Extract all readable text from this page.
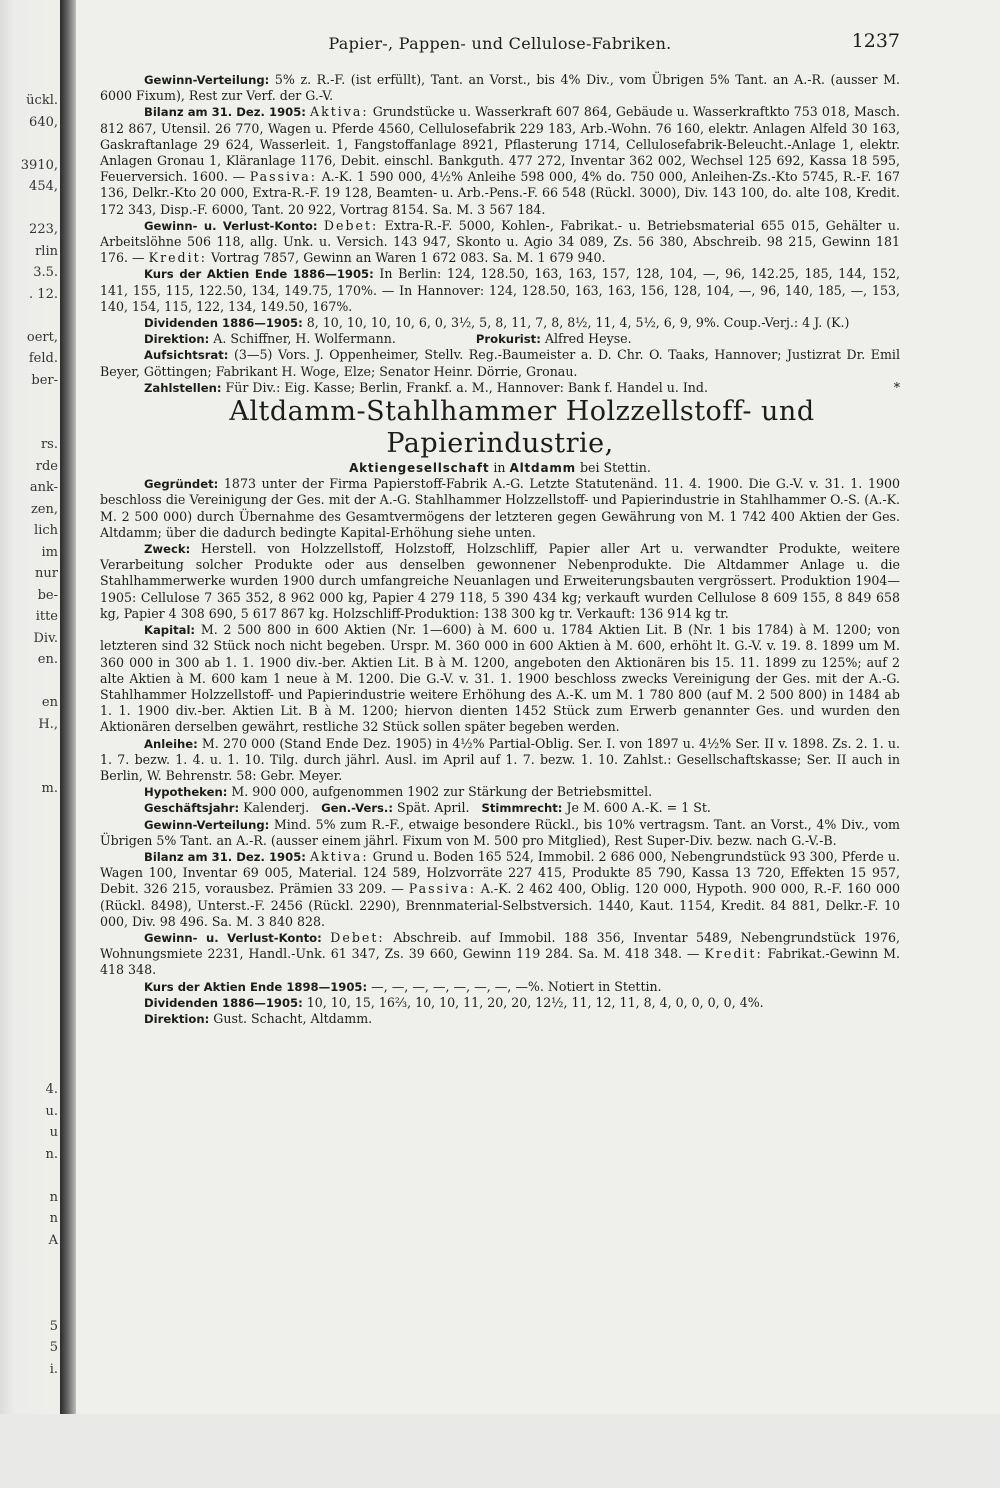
ückl.
640,
3910,
454,
223,
rlin
3.5.
. 12.
oert,
feld.
ber-
rs.
rde
ank-
zen,
lich
im
nur
be-
itte
Div.
en.
en
H.,
m.
4.
u.
u
n.
n
n
A
5
5
i.
Papier-, Pappen- und Cellulose-Fabriken.	1237

Gewinn-Verteilung: 5% z. R.-F. (ist erfüllt), Tant. an Vorst., bis 4% Div., vom Übrigen 5% Tant. an A.-R. (ausser M. 6000 Fixum), Rest zur Verf. der G.-V.

Bilanz am 31. Dez. 1905: Aktiva: Grundstücke u. Wasserkraft 607 864, Gebäude u. Wasserkraftkto 753 018, Masch. 812 867, Utensil. 26 770, Wagen u. Pferde 4560, Cellulosefabrik 229 183, Arb.-Wohn. 76 160, elektr. Anlagen Alfeld 30 163, Gaskraftanlage 29 624, Wasserleit. 1, Fangstoffanlage 8921, Pflasterung 1714, Cellulosefabrik-Beleucht.-Anlage 1, elektr. Anlagen Gronau 1, Kläranlage 1176, Debit. einschl. Bankguth. 477 272, Inventar 362 002, Wechsel 125 692, Kassa 18 595, Feuerversich. 1600. — Passiva: A.-K. 1 590 000, 4½% Anleihe 598 000, 4% do. 750 000, Anleihen-Zs.-Kto 5745, R.-F. 167 136, Delkr.-Kto 20 000, Extra-R.-F. 19 128, Beamten- u. Arb.-Pens.-F. 66 548 (Rückl. 3000), Div. 143 100, do. alte 108, Kredit. 172 343, Disp.-F. 6000, Tant. 20 922, Vortrag 8154. Sa. M. 3 567 184.

Gewinn- u. Verlust-Konto: Debet: Extra-R.-F. 5000, Kohlen-, Fabrikat.- u. Betriebsmaterial 655 015, Gehälter u. Arbeitslöhne 506 118, allg. Unk. u. Versich. 143 947, Skonto u. Agio 34 089, Zs. 56 380, Abschreib. 98 215, Gewinn 181 176. — Kredit: Vortrag 7857, Gewinn an Waren 1 672 083. Sa. M. 1 679 940.

Kurs der Aktien Ende 1886—1905: In Berlin: 124, 128.50, 163, 163, 157, 128, 104, —, 96, 142.25, 185, 144, 152, 141, 155, 115, 122.50, 134, 149.75, 170%. — In Hannover: 124, 128.50, 163, 163, 156, 128, 104, —, 96, 140, 185, —, 153, 140, 154, 115, 122, 134, 149.50, 167%.

Dividenden 1886—1905: 8, 10, 10, 10, 10, 6, 0, 3½, 5, 8, 11, 7, 8, 8½, 11, 4, 5½, 6, 9, 9%. Coup.-Verj.: 4 J. (K.)

Direktion: A. Schiffner, H. Wolfermann.	Prokurist: Alfred Heyse.

Aufsichtsrat: (3—5) Vors. J. Oppenheimer, Stellv. Reg.-Baumeister a. D. Chr. O. Taaks, Hannover; Justizrat Dr. Emil Beyer, Göttingen; Fabrikant H. Woge, Elze; Senator Heinr. Dörrie, Gronau.

Zahlstellen: Für Div.: Eig. Kasse; Berlin, Frankf. a. M., Hannover: Bank f. Handel u. Ind.	*

Altdamm-Stahlhammer Holzzellstoff- und Papierindustrie,

Aktiengesellschaft in Altdamm bei Stettin.

Gegründet: 1873 unter der Firma Papierstoff-Fabrik A.-G. Letzte Statutenänd. 11. 4. 1900. Die G.-V. v. 31. 1. 1900 beschloss die Vereinigung der Ges. mit der A.-G. Stahlhammer Holzzellstoff- und Papierindustrie in Stahlhammer O.-S. (A.-K. M. 2 500 000) durch Übernahme des Gesamtvermögens der letzteren gegen Gewährung von M. 1 742 400 Aktien der Ges. Altdamm; über die dadurch bedingte Kapital-Erhöhung siehe unten.

Zweck: Herstell. von Holzzellstoff, Holzstoff, Holzschliff, Papier aller Art u. verwandter Produkte, weitere Verarbeitung solcher Produkte oder aus denselben gewonnener Nebenprodukte. Die Altdammer Anlage u. die Stahlhammerwerke wurden 1900 durch umfangreiche Neuanlagen und Erweiterungsbauten vergrössert. Produktion 1904—1905: Cellulose 7 365 352, 8 962 000 kg, Papier 4 279 118, 5 390 434 kg; verkauft wurden Cellulose 8 609 155, 8 849 658 kg, Papier 4 308 690, 5 617 867 kg. Holzschliff-Produktion: 138 300 kg tr. Verkauft: 136 914 kg tr.

Kapital: M. 2 500 800 in 600 Aktien (Nr. 1—600) à M. 600 u. 1784 Aktien Lit. B (Nr. 1 bis 1784) à M. 1200; von letzteren sind 32 Stück noch nicht begeben. Urspr. M. 360 000 in 600 Aktien à M. 600, erhöht lt. G.-V. v. 19. 8. 1899 um M. 360 000 in 300 ab 1. 1. 1900 div.-ber. Aktien Lit. B à M. 1200, angeboten den Aktionären bis 15. 11. 1899 zu 125%; auf 2 alte Aktien à M. 600 kam 1 neue à M. 1200. Die G.-V. v. 31. 1. 1900 beschloss zwecks Vereinigung der Ges. mit der A.-G. Stahlhammer Holzzellstoff- und Papierindustrie weitere Erhöhung des A.-K. um M. 1 780 800 (auf M. 2 500 800) in 1484 ab 1. 1. 1900 div.-ber. Aktien Lit. B à M. 1200; hiervon dienten 1452 Stück zum Erwerb genannter Ges. und wurden den Aktionären derselben gewährt, restliche 32 Stück sollen später begeben werden.

Anleihe: M. 270 000 (Stand Ende Dez. 1905) in 4½% Partial-Oblig. Ser. I. von 1897 u. 4½% Ser. II v. 1898. Zs. 2. 1. u. 1. 7. bezw. 1. 4. u. 1. 10. Tilg. durch jährl. Ausl. im April auf 1. 7. bezw. 1. 10. Zahlst.: Gesellschaftskasse; Ser. II auch in Berlin, W. Behrenstr. 58: Gebr. Meyer.

Hypotheken: M. 900 000, aufgenommen 1902 zur Stärkung der Betriebsmittel.

Geschäftsjahr: Kalenderj.   Gen.-Vers.: Spät. April.   Stimmrecht: Je M. 600 A.-K. = 1 St.

Gewinn-Verteilung: Mind. 5% zum R.-F., etwaige besondere Rückl., bis 10% vertragsm. Tant. an Vorst., 4% Div., vom Übrigen 5% Tant. an A.-R. (ausser einem jährl. Fixum von M. 500 pro Mitglied), Rest Super-Div. bezw. nach G.-V.-B.

Bilanz am 31. Dez. 1905: Aktiva: Grund u. Boden 165 524, Immobil. 2 686 000, Nebengrundstück 93 300, Pferde u. Wagen 100, Inventar 69 005, Material. 124 589, Holzvorräte 227 415, Produkte 85 790, Kassa 13 720, Effekten 15 957, Debit. 326 215, vorausbez. Prämien 33 209. — Passiva: A.-K. 2 462 400, Oblig. 120 000, Hypoth. 900 000, R.-F. 160 000 (Rückl. 8498), Unterst.-F. 2456 (Rückl. 2290), Brennmaterial-Selbstversich. 1440, Kaut. 1154, Kredit. 84 881, Delkr.-F. 10 000, Div. 98 496. Sa. M. 3 840 828.

Gewinn- u. Verlust-Konto: Debet: Abschreib. auf Immobil. 188 356, Inventar 5489, Nebengrundstück 1976, Wohnungsmiete 2231, Handl.-Unk. 61 347, Zs. 39 660, Gewinn 119 284. Sa. M. 418 348. — Kredit: Fabrikat.-Gewinn M. 418 348.

Kurs der Aktien Ende 1898—1905: —, —, —, —, —, —, —, —%. Notiert in Stettin.

Dividenden 1886—1905: 10, 10, 15, 16⅔, 10, 10, 11, 20, 20, 12½, 11, 12, 11, 8, 4, 0, 0, 0, 0, 4%.

Direktion: Gust. Schacht, Altdamm.
